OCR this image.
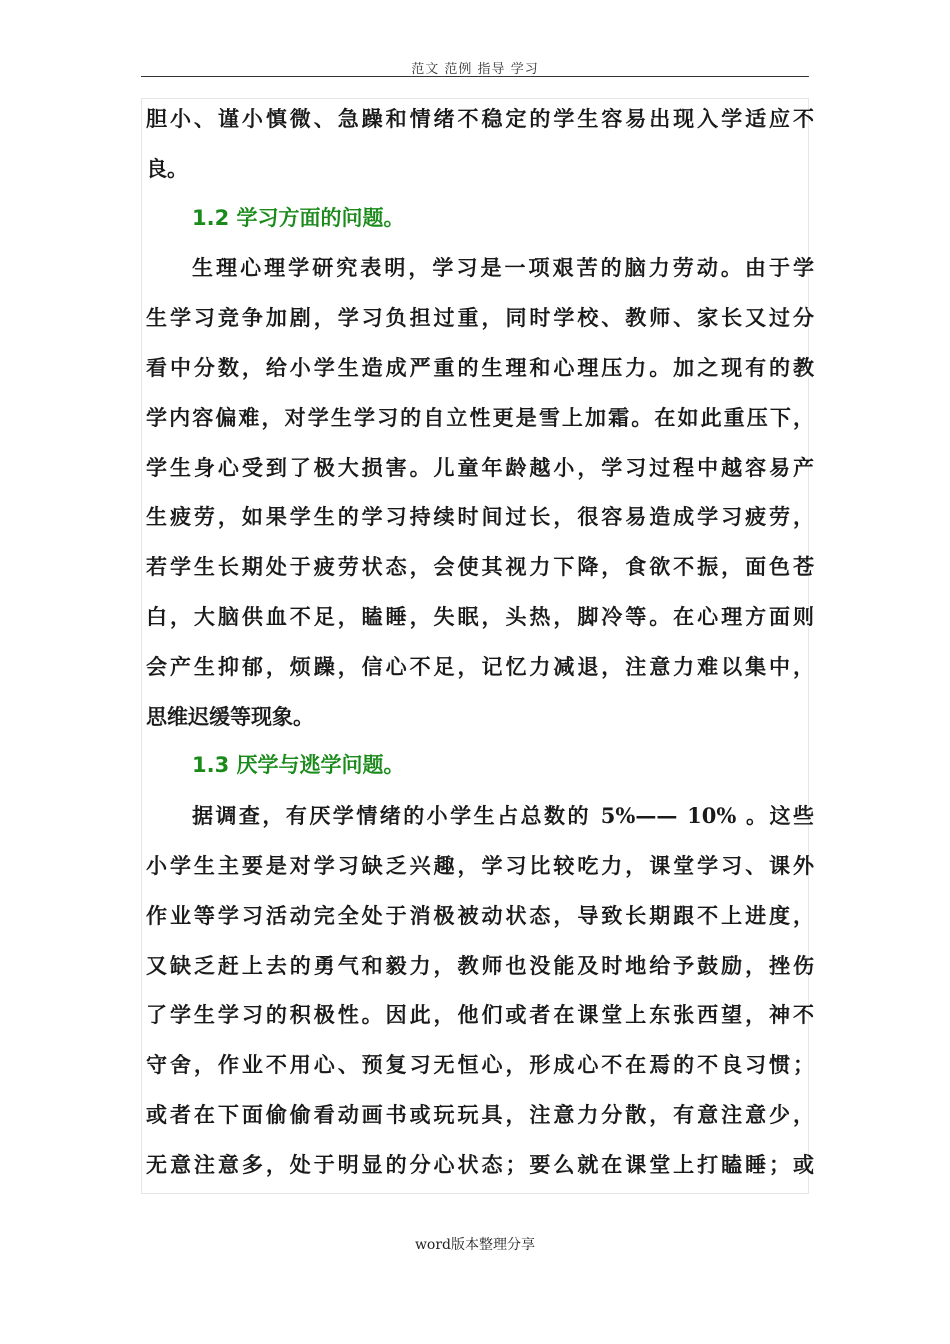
范文 范例 指导 学习
胆小、谨小慎微、急躁和情绪不稳定的学生容易出现入学适应不
良。
1.2 学习方面的问题。
生理心理学研究表明，学习是一项艰苦的脑力劳动。由于学
生学习竞争加剧，学习负担过重，同时学校、教师、家长又过分
看中分数，给小学生造成严重的生理和心理压力。加之现有的教
学内容偏难，对学生学习的自立性更是雪上加霜。在如此重压下，
学生身心受到了极大损害。儿童年龄越小，学习过程中越容易产
生疲劳，如果学生的学习持续时间过长，很容易造成学习疲劳，
若学生长期处于疲劳状态，会使其视力下降，食欲不振，面色苍
白，大脑供血不足，瞌睡，失眠，头热，脚冷等。在心理方面则
会产生抑郁，烦躁，信心不足，记忆力减退，注意力难以集中，
思维迟缓等现象。
1.3 厌学与逃学问题。
据调查，有厌学情绪的小学生占总数的 5%—— 10% 。这些
小学生主要是对学习缺乏兴趣，学习比较吃力，课堂学习、课外
作业等学习活动完全处于消极被动状态，导致长期跟不上进度，
又缺乏赶上去的勇气和毅力，教师也没能及时地给予鼓励，挫伤
了学生学习的积极性。因此，他们或者在课堂上东张西望，神不
守舍，作业不用心、预复习无恒心，形成心不在焉的不良习惯；
或者在下面偷偷看动画书或玩玩具，注意力分散，有意注意少，
无意注意多，处于明显的分心状态；要么就在课堂上打瞌睡；或
word版本整理分享
